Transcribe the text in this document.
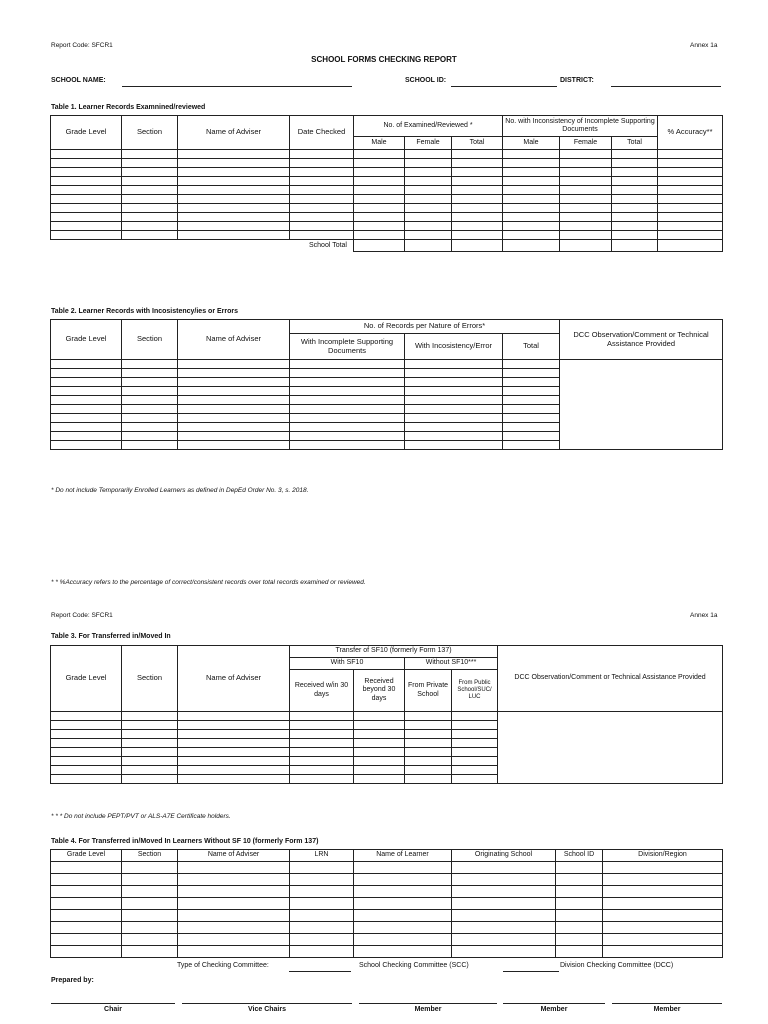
Report Code: SFCR1	Annex 1a
SCHOOL FORMS CHECKING REPORT
SCHOOL NAME:	SCHOOL ID:	DISTRICT:
Table 1. Learner Records Examnined/reviewed
Grade Level	Section	Name of Adviser	Date Checked	No. of Examined/Reviewed *			No. with Inconsistency of Incomplete Supporting Documents			% Accuracy**
				Male	Female	Total	Male	Female	Total	

School Total										
Table 2. Learner Records with Incosistency/ies or Errors
Grade Level	Section	Name of Adviser	No. of Records per Nature of Errors*			DCC Observation/Comment or Technical Assistance Provided
			With Incomplete Supporting Documents	With Incosistency/Error	Total	

* Do not include Temporarily Enrolled Learners as defined in DepEd Order No. 3, s. 2018.
* * %Accuracy refers to the percentage of correct/consistent records over total records examined or reviewed.
Report Code: SFCR1	Annex 1a
Table 3. For Transferred in/Moved In
Grade Level	Section	Name of Adviser	Transfer of SF10 (formerly Form 137)				DCC Observation/Comment or Technical Assistance Provided
			With SF10		Without SF10***		
			Received w/in 30 days	Received beyond 30 days	From Private School	From Public School/SUC/ LUC	

* * * Do not include PEPT/PVT or ALS-A7E Certificate holders.
Table 4. For Transferred in/Moved In Learners Without SF 10 (formerly Form 137)
Grade Level	Section	Name of Adviser	LRN	Name of Learner	Originating School	School ID	Division/Region

Type of Checking Committee:	School Checking Committee (SCC)	Division Checking Committee (DCC)
Prepared by:
Chair	Vice Chairs	Member	Member	Member
